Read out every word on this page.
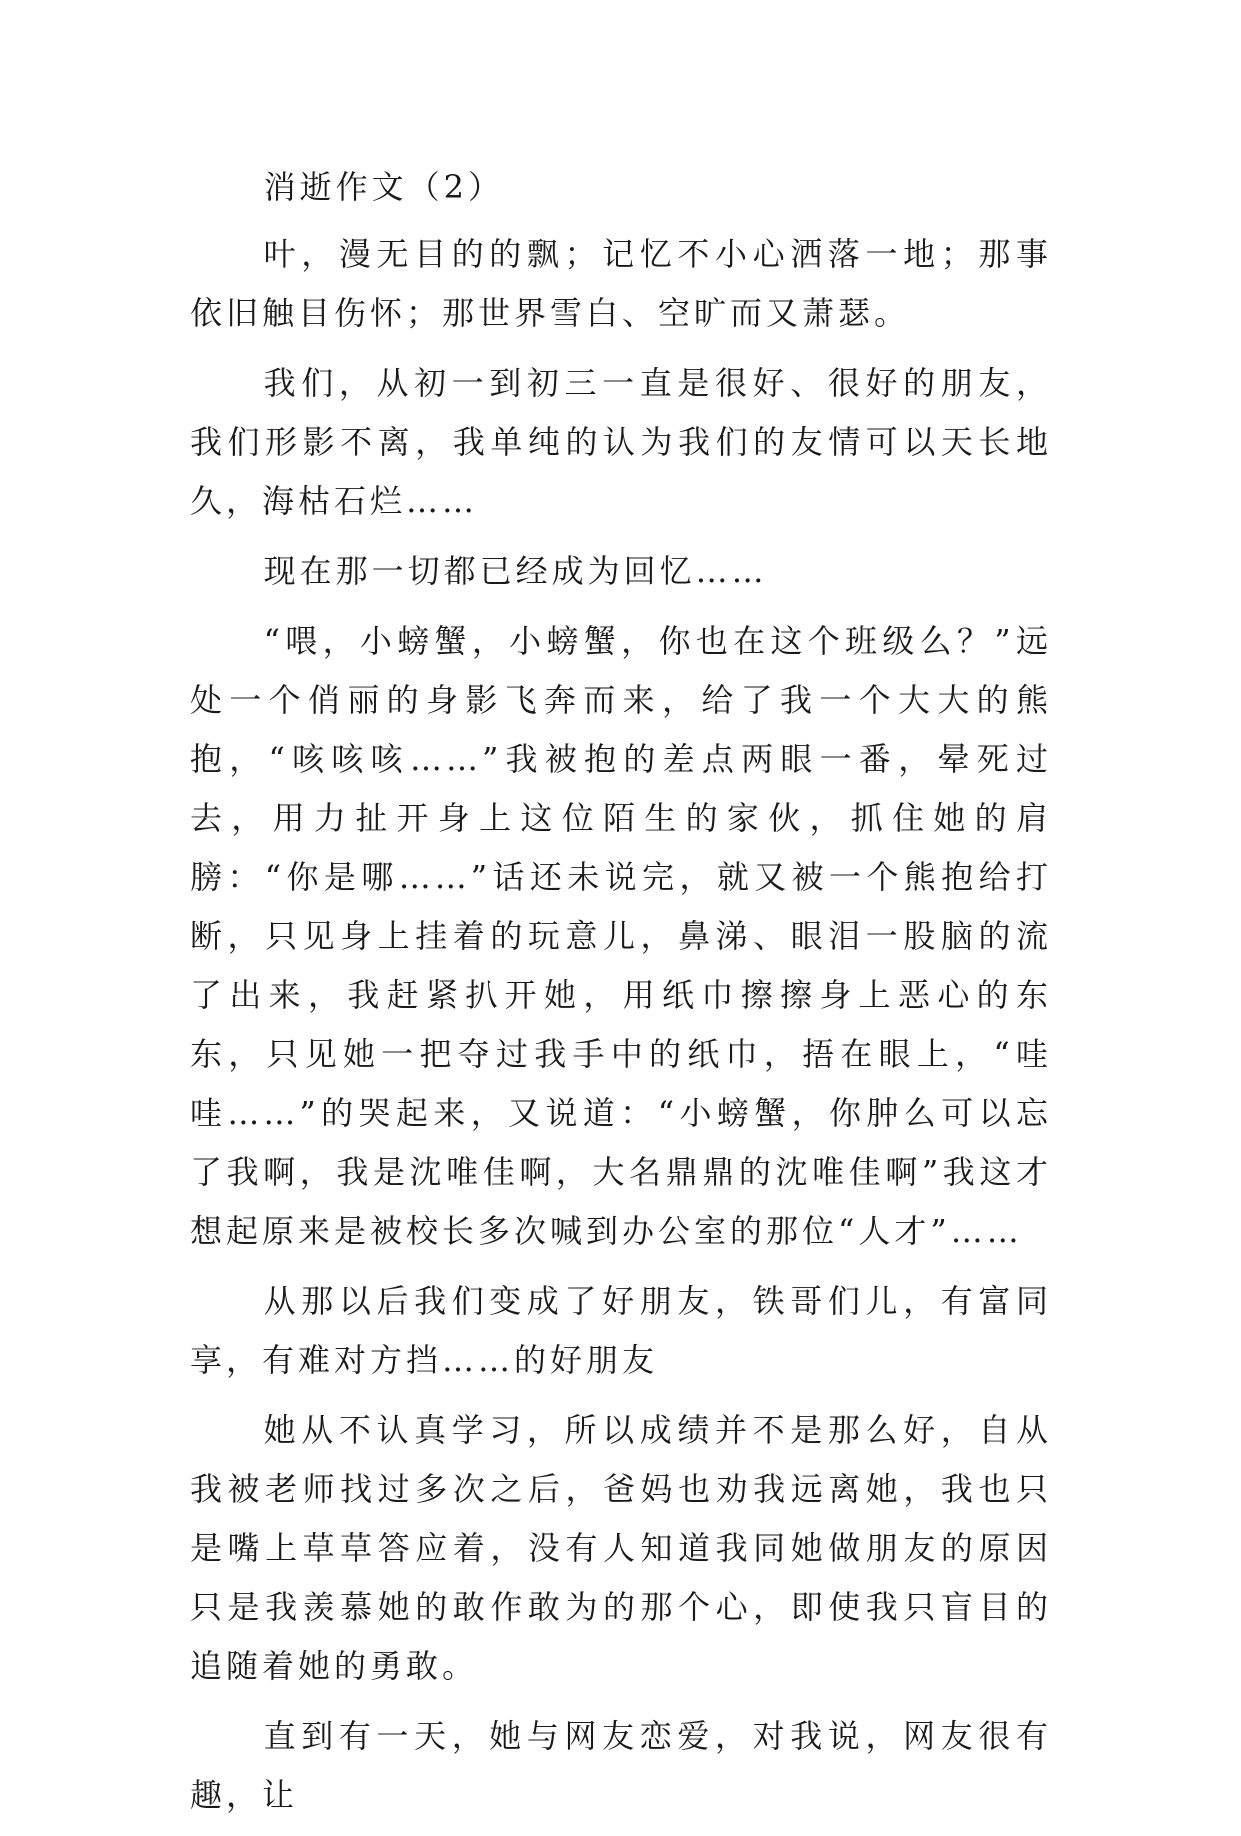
消逝作文（2）

叶，漫无目的的飘；记忆不小心洒落一地；那事依旧触目伤怀；那世界雪白、空旷而又萧瑟。

我们，从初一到初三一直是很好、很好的朋友，我们形影不离，我单纯的认为我们的友情可以天长地久，海枯石烂……

现在那一切都已经成为回忆……

“喂，小螃蟹，小螃蟹，你也在这个班级么？”远处一个俏丽的身影飞奔而来，给了我一个大大的熊抱，“咳咳咳……”我被抱的差点两眼一番，晕死过去，用力扯开身上这位陌生的家伙，抓住她的肩膀：“你是哪……”话还未说完，就又被一个熊抱给打断，只见身上挂着的玩意儿，鼻涕、眼泪一股脑的流了出来，我赶紧扒开她，用纸巾擦擦身上恶心的东东，只见她一把夺过我手中的纸巾，捂在眼上，“哇哇……”的哭起来，又说道：“小螃蟹，你肿么可以忘了我啊，我是沈唯佳啊，大名鼎鼎的沈唯佳啊”我这才想起原来是被校长多次喊到办公室的那位“人才”……

从那以后我们变成了好朋友，铁哥们儿，有富同享，有难对方挡……的好朋友

她从不认真学习，所以成绩并不是那么好，自从我被老师找过多次之后，爸妈也劝我远离她，我也只是嘴上草草答应着，没有人知道我同她做朋友的原因只是我羡慕她的敢作敢为的那个心，即使我只盲目的追随着她的勇敢。

直到有一天，她与网友恋爱，对我说，网友很有趣，让
